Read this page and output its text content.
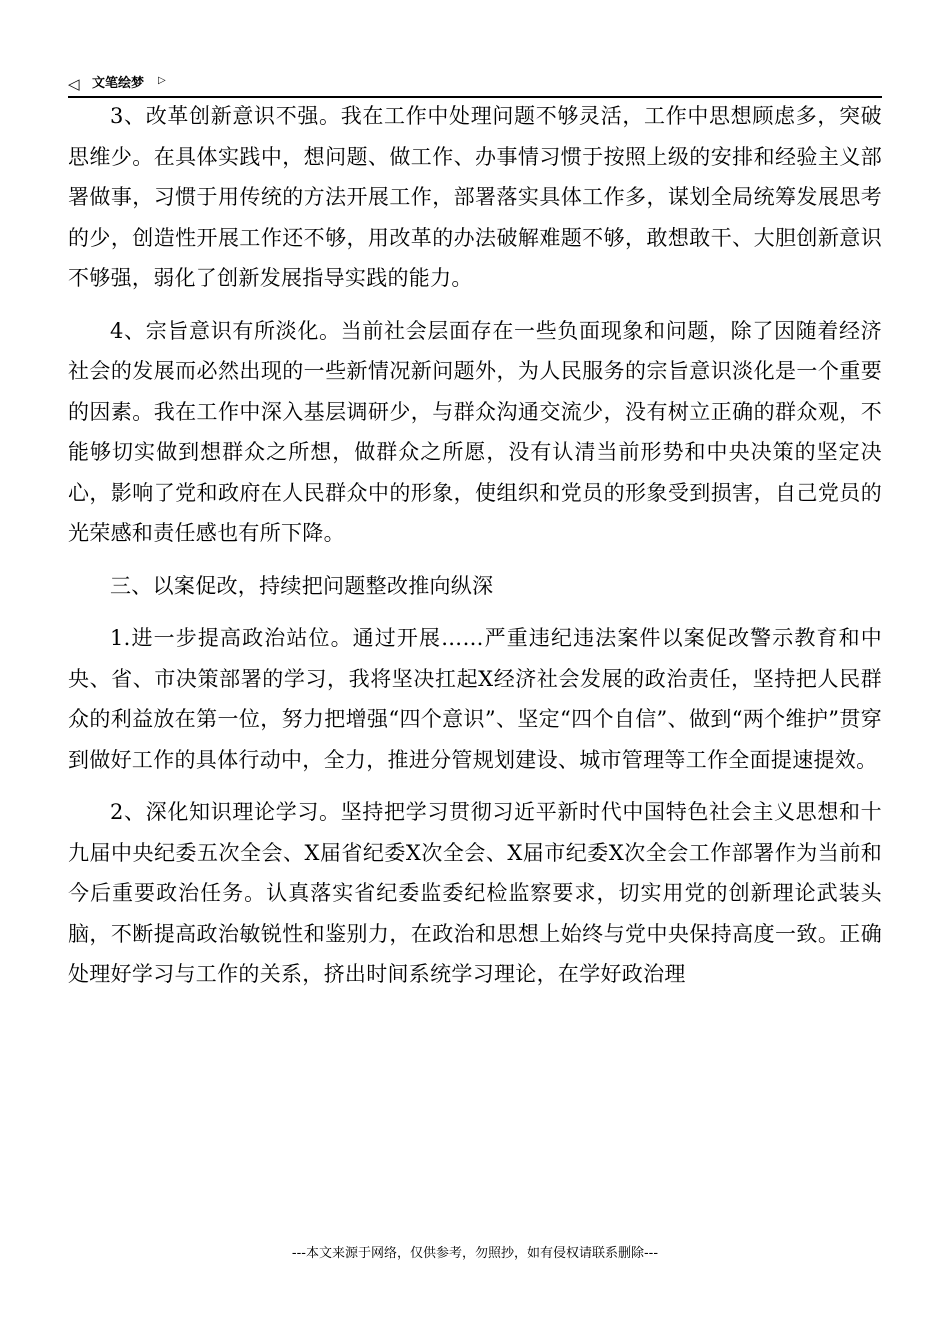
◁ 文笔绘梦 ▷

3、改革创新意识不强。我在工作中处理问题不够灵活，工作中思想顾虑多，突破思维少。在具体实践中，想问题、做工作、办事情习惯于按照上级的安排和经验主义部署做事，习惯于用传统的方法开展工作，部署落实具体工作多，谋划全局统筹发展思考的少，创造性开展工作还不够，用改革的办法破解难题不够，敢想敢干、大胆创新意识不够强，弱化了创新发展指导实践的能力。

4、宗旨意识有所淡化。当前社会层面存在一些负面现象和问题，除了因随着经济社会的发展而必然出现的一些新情况新问题外，为人民服务的宗旨意识淡化是一个重要的因素。我在工作中深入基层调研少，与群众沟通交流少，没有树立正确的群众观，不能够切实做到想群众之所想，做群众之所愿，没有认清当前形势和中央决策的坚定决心，影响了党和政府在人民群众中的形象，使组织和党员的形象受到损害，自己党员的光荣感和责任感也有所下降。

三、以案促改，持续把问题整改推向纵深

1.进一步提高政治站位。通过开展……严重违纪违法案件以案促改警示教育和中央、省、市决策部署的学习，我将坚决扛起X经济社会发展的政治责任，坚持把人民群众的利益放在第一位，努力把增强“四个意识”、坚定“四个自信”、做到“两个维护”贯穿到做好工作的具体行动中，全力，推进分管规划建设、城市管理等工作全面提速提效。

2、深化知识理论学习。坚持把学习贯彻习近平新时代中国特色社会主义思想和十九届中央纪委五次全会、X届省纪委X次全会、X届市纪委X次全会工作部署作为当前和今后重要政治任务。认真落实省纪委监委纪检监察要求，切实用党的创新理论武装头脑，不断提高政治敏锐性和鉴别力，在政治和思想上始终与党中央保持高度一致。正确处理好学习与工作的关系，挤出时间系统学习理论，在学好政治理

---本文来源于网络，仅供参考，勿照抄，如有侵权请联系删除---
